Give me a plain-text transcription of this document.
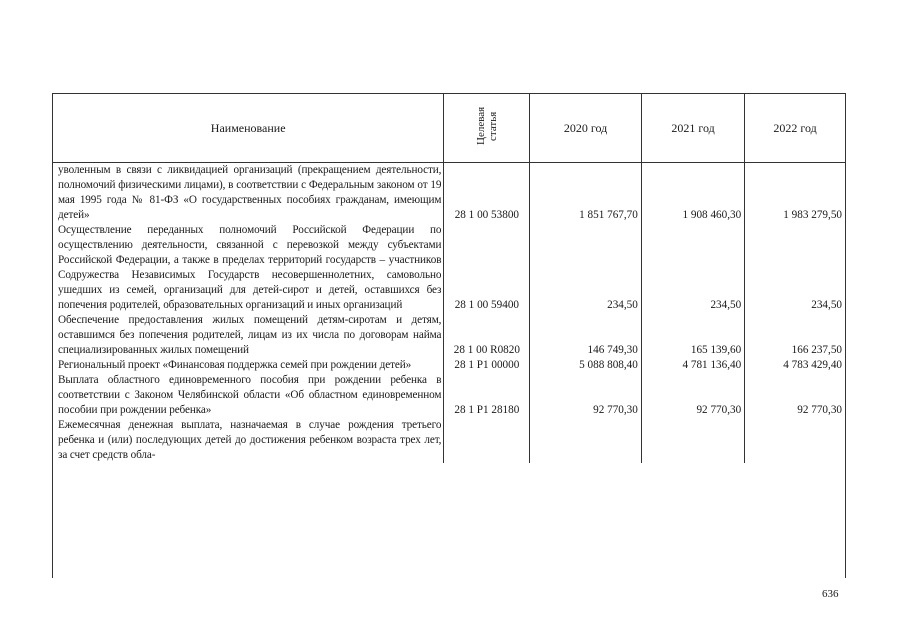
Наименование	Целевая статья	2020 год	2021 год	2022 год
уволенным в связи с ликвидацией организаций (прекращением деятельности, полномочий физическими лицами), в соответствии с Федеральным законом от 19 мая 1995 года № 81-ФЗ «О государственных пособиях гражданам, имеющим детей»	28 1 00 53800	1 851 767,70	1 908 460,30	1 983 279,50
Осуществление переданных полномочий Российской Федерации по осуществлению деятельности, связанной с перевозкой между субъектами Российской Федерации, а также в пределах территорий государств – участников Содружества Независимых Государств несовершеннолетних, самовольно ушедших из семей, организаций для детей-сирот и детей, оставшихся без попечения родителей, образовательных организаций и иных организаций	28 1 00 59400	234,50	234,50	234,50
Обеспечение предоставления жилых помещений детям-сиротам и детям, оставшимся без попечения родителей, лицам из их числа по договорам найма специализированных жилых помещений	28 1 00 R0820	146 749,30	165 139,60	166 237,50
Региональный проект «Финансовая поддержка семей при рождении детей»	28 1 P1 00000	5 088 808,40	4 781 136,40	4 783 429,40
Выплата областного единовременного пособия при рождении ребенка в соответствии с Законом Челябинской области «Об областном единовременном пособии при рождении ребенка»	28 1 P1 28180	92 770,30	92 770,30	92 770,30
Ежемесячная денежная выплата, назначаемая в случае рождения третьего ребенка и (или) последующих детей до достижения ребенком возраста трех лет, за счет средств обла-				
636
